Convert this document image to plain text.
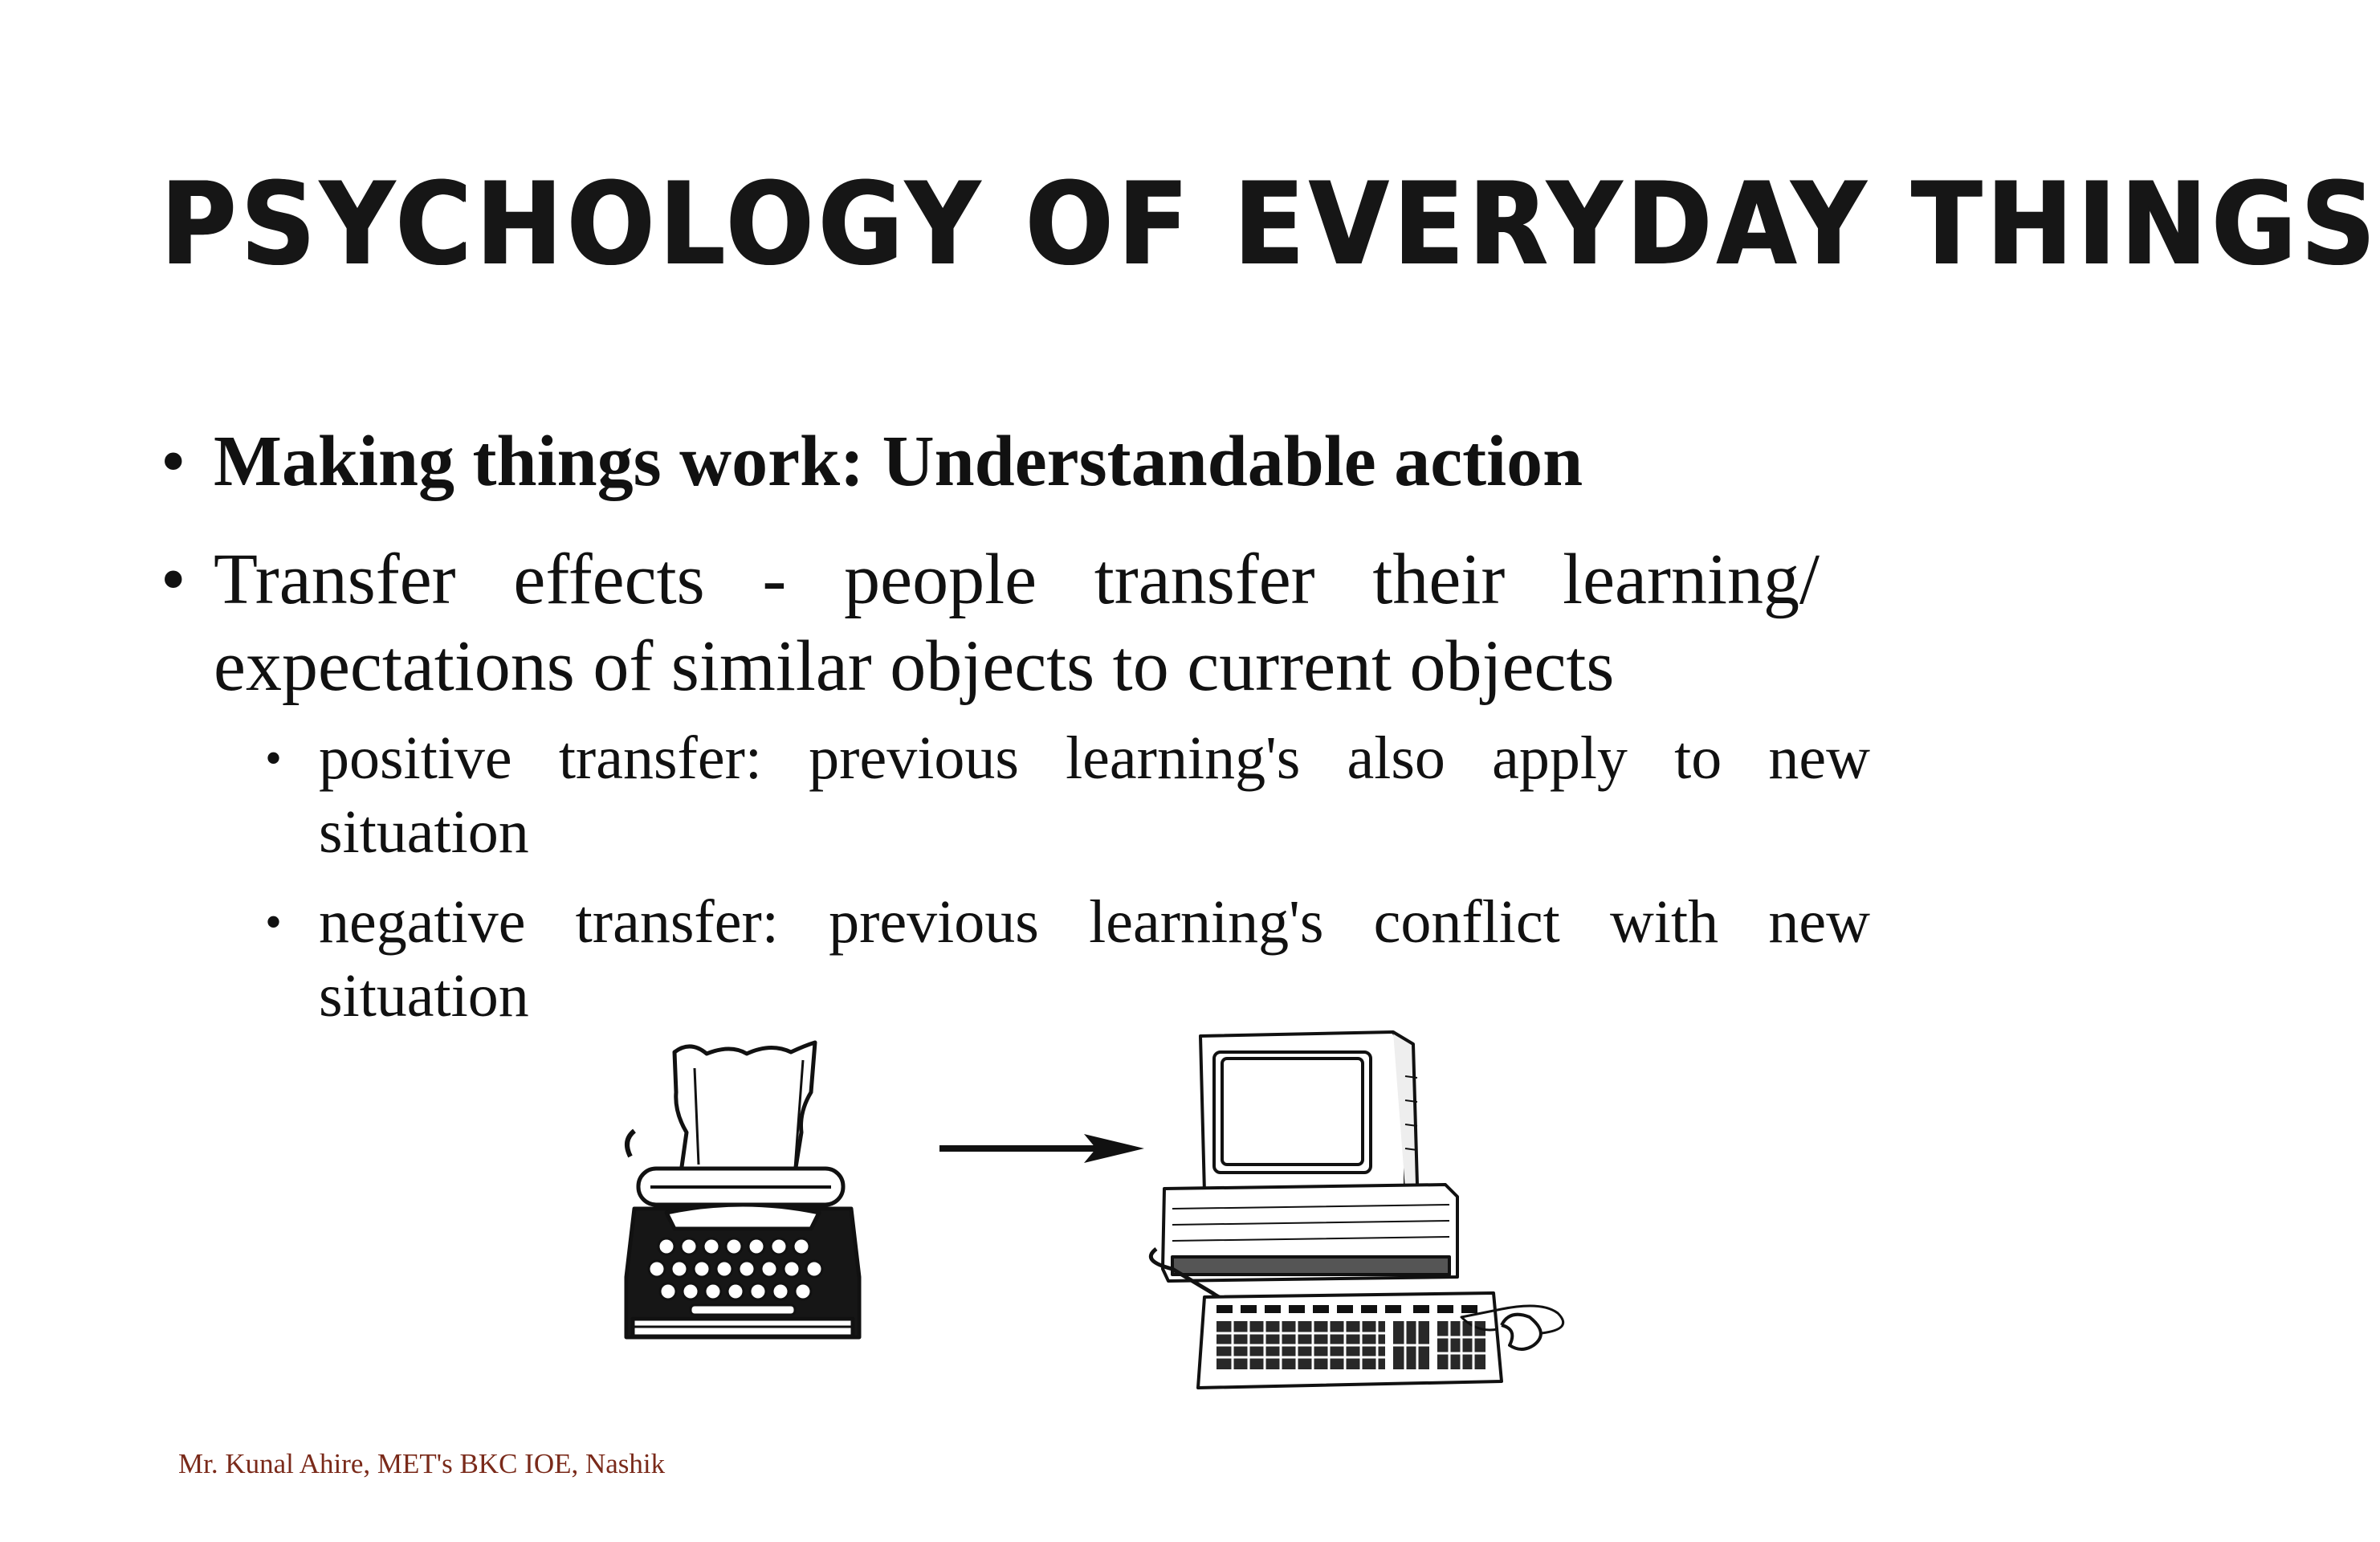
PSYCHOLOGY OF EVERYDAY THINGS
• Making things work: Understandable action
• Transfer effects - people transfer their learning/ expectations of similar objects to current objects
• positive transfer: previous learning's also apply to new situation
• negative transfer: previous learning's conflict with new situation
Mr. Kunal Ahire, MET's BKC IOE, Nashik
